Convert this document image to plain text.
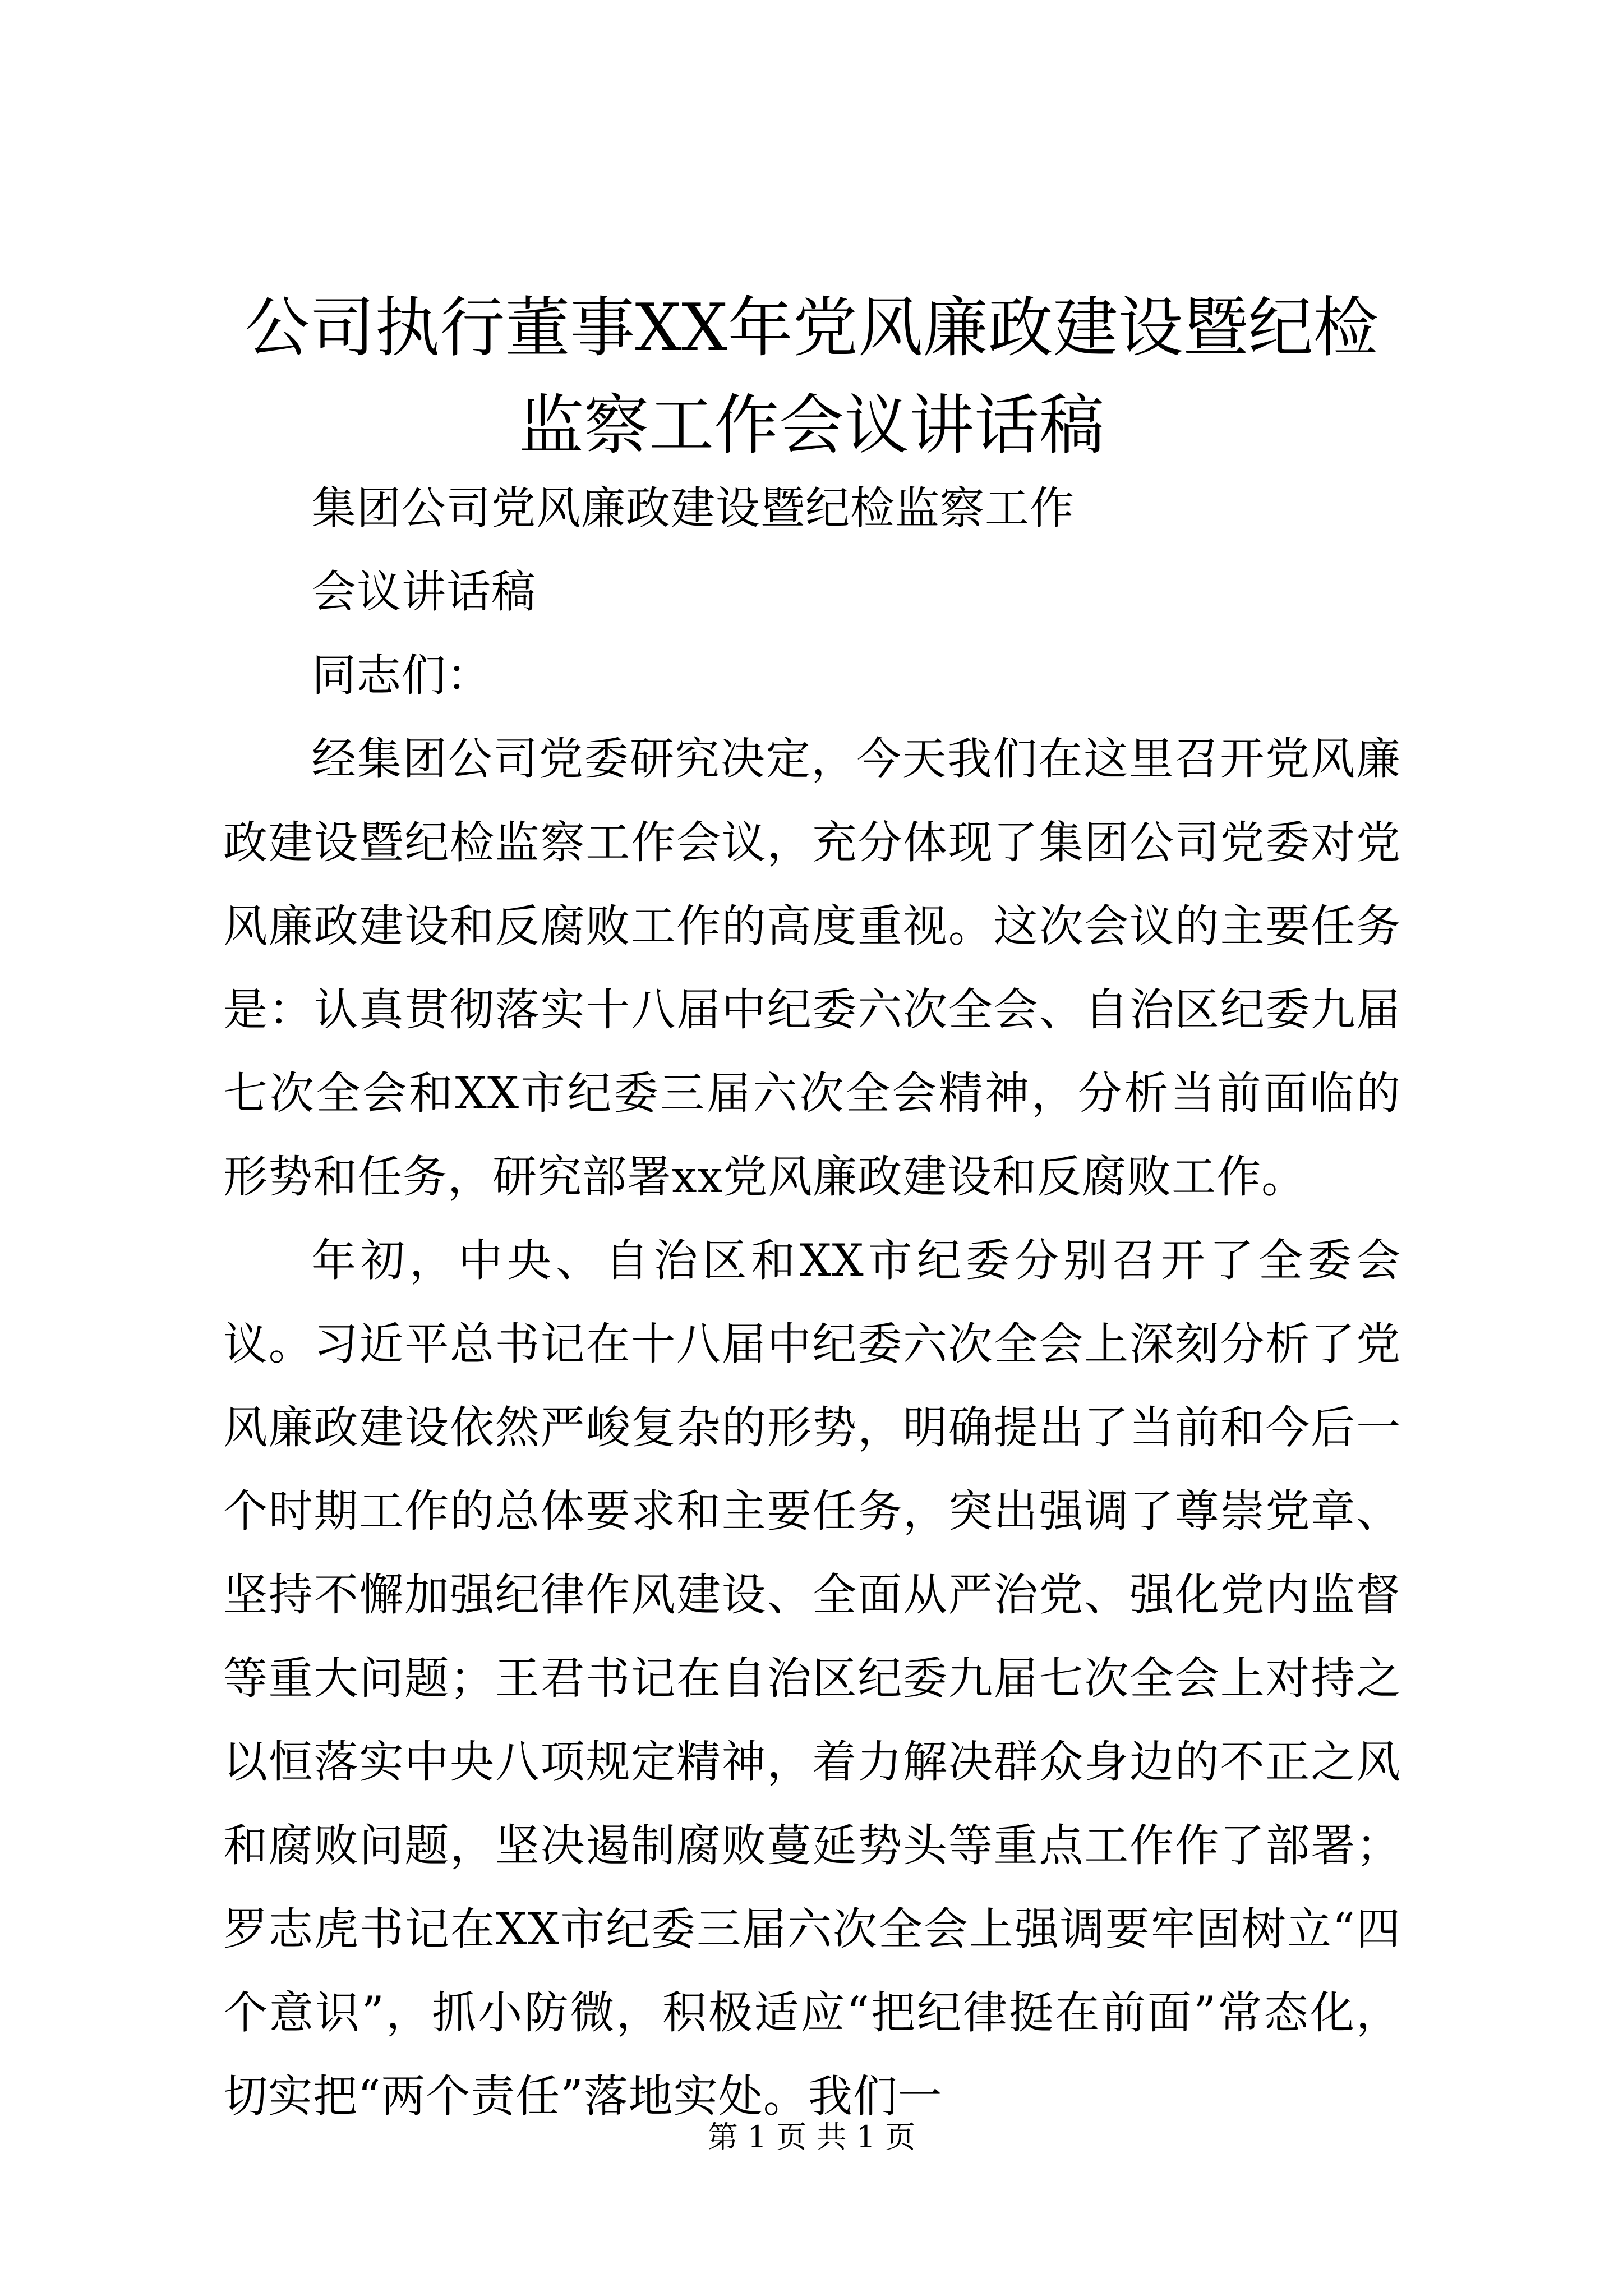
公司执行董事XX年党风廉政建设暨纪检监察工作会议讲话稿

集团公司党风廉政建设暨纪检监察工作

会议讲话稿

同志们：

经集团公司党委研究决定，今天我们在这里召开党风廉政建设暨纪检监察工作会议，充分体现了集团公司党委对党风廉政建设和反腐败工作的高度重视。这次会议的主要任务是：认真贯彻落实十八届中纪委六次全会、自治区纪委九届七次全会和XX市纪委三届六次全会精神，分析当前面临的形势和任务，研究部署xx党风廉政建设和反腐败工作。

年初，中央、自治区和XX市纪委分别召开了全委会议。习近平总书记在十八届中纪委六次全会上深刻分析了党风廉政建设依然严峻复杂的形势，明确提出了当前和今后一个时期工作的总体要求和主要任务，突出强调了尊崇党章、坚持不懈加强纪律作风建设、全面从严治党、强化党内监督等重大问题；王君书记在自治区纪委九届七次全会上对持之以恒落实中央八项规定精神，着力解决群众身边的不正之风和腐败问题，坚决遏制腐败蔓延势头等重点工作作了部署；罗志虎书记在XX市纪委三届六次全会上强调要牢固树立“四个意识”，抓小防微，积极适应“把纪律挺在前面”常态化，切实把“两个责任”落地实处。我们一

第 1 页 共 1 页
